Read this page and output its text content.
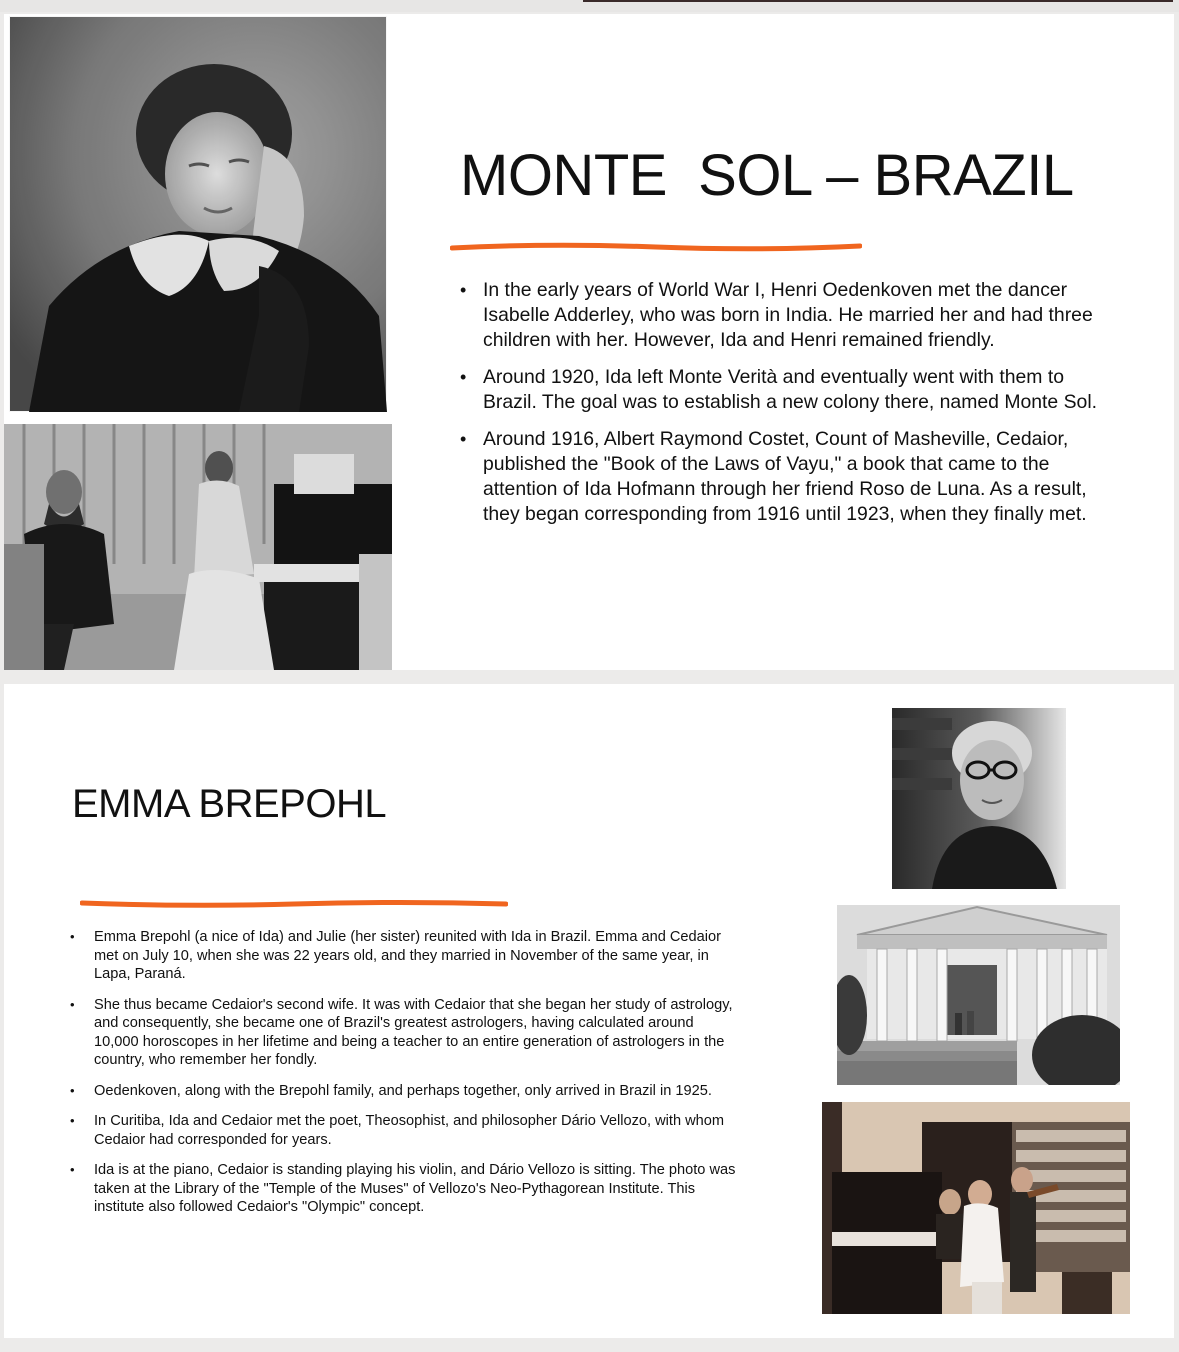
MONTE  SOL – BRAZIL
• In the early years of World War I, Henri Oedenkoven met the dancer Isabelle Adderley, who was born in India. He married her and had three children with her. However, Ida and Henri remained friendly.
• Around 1920, Ida left Monte Verità and eventually went with them to Brazil. The goal was to establish a new colony there, named Monte Sol.
• Around 1916, Albert Raymond Costet, Count of Masheville, Cedaior, published the "Book of the Laws of Vayu," a book that came to the attention of Ida Hofmann through her friend Roso de Luna. As a result, they began corresponding from 1916 until 1923, when they finally met.
EMMA BREPOHL
• Emma Brepohl (a nice of Ida) and Julie (her sister) reunited with Ida in Brazil. Emma and Cedaior met on July 10, when she was 22 years old, and they married in November of the same year, in Lapa, Paraná.
• She thus became Cedaior's second wife. It was with Cedaior that she began her study of astrology, and consequently, she became one of Brazil's greatest astrologers, having calculated around 10,000 horoscopes in her lifetime and being a teacher to an entire generation of astrologers in the country, who remember her fondly.
• Oedenkoven, along with the Brepohl family, and perhaps together, only arrived in Brazil in 1925.
• In Curitiba, Ida and Cedaior met the poet, Theosophist, and philosopher Dário Vellozo, with whom Cedaior had corresponded for years.
• Ida is at the piano, Cedaior is standing playing his violin, and Dário Vellozo is sitting. The photo was taken at the Library of the "Temple of the Muses" of Vellozo's Neo-Pythagorean Institute. This institute also followed Cedaior's "Olympic" concept.
